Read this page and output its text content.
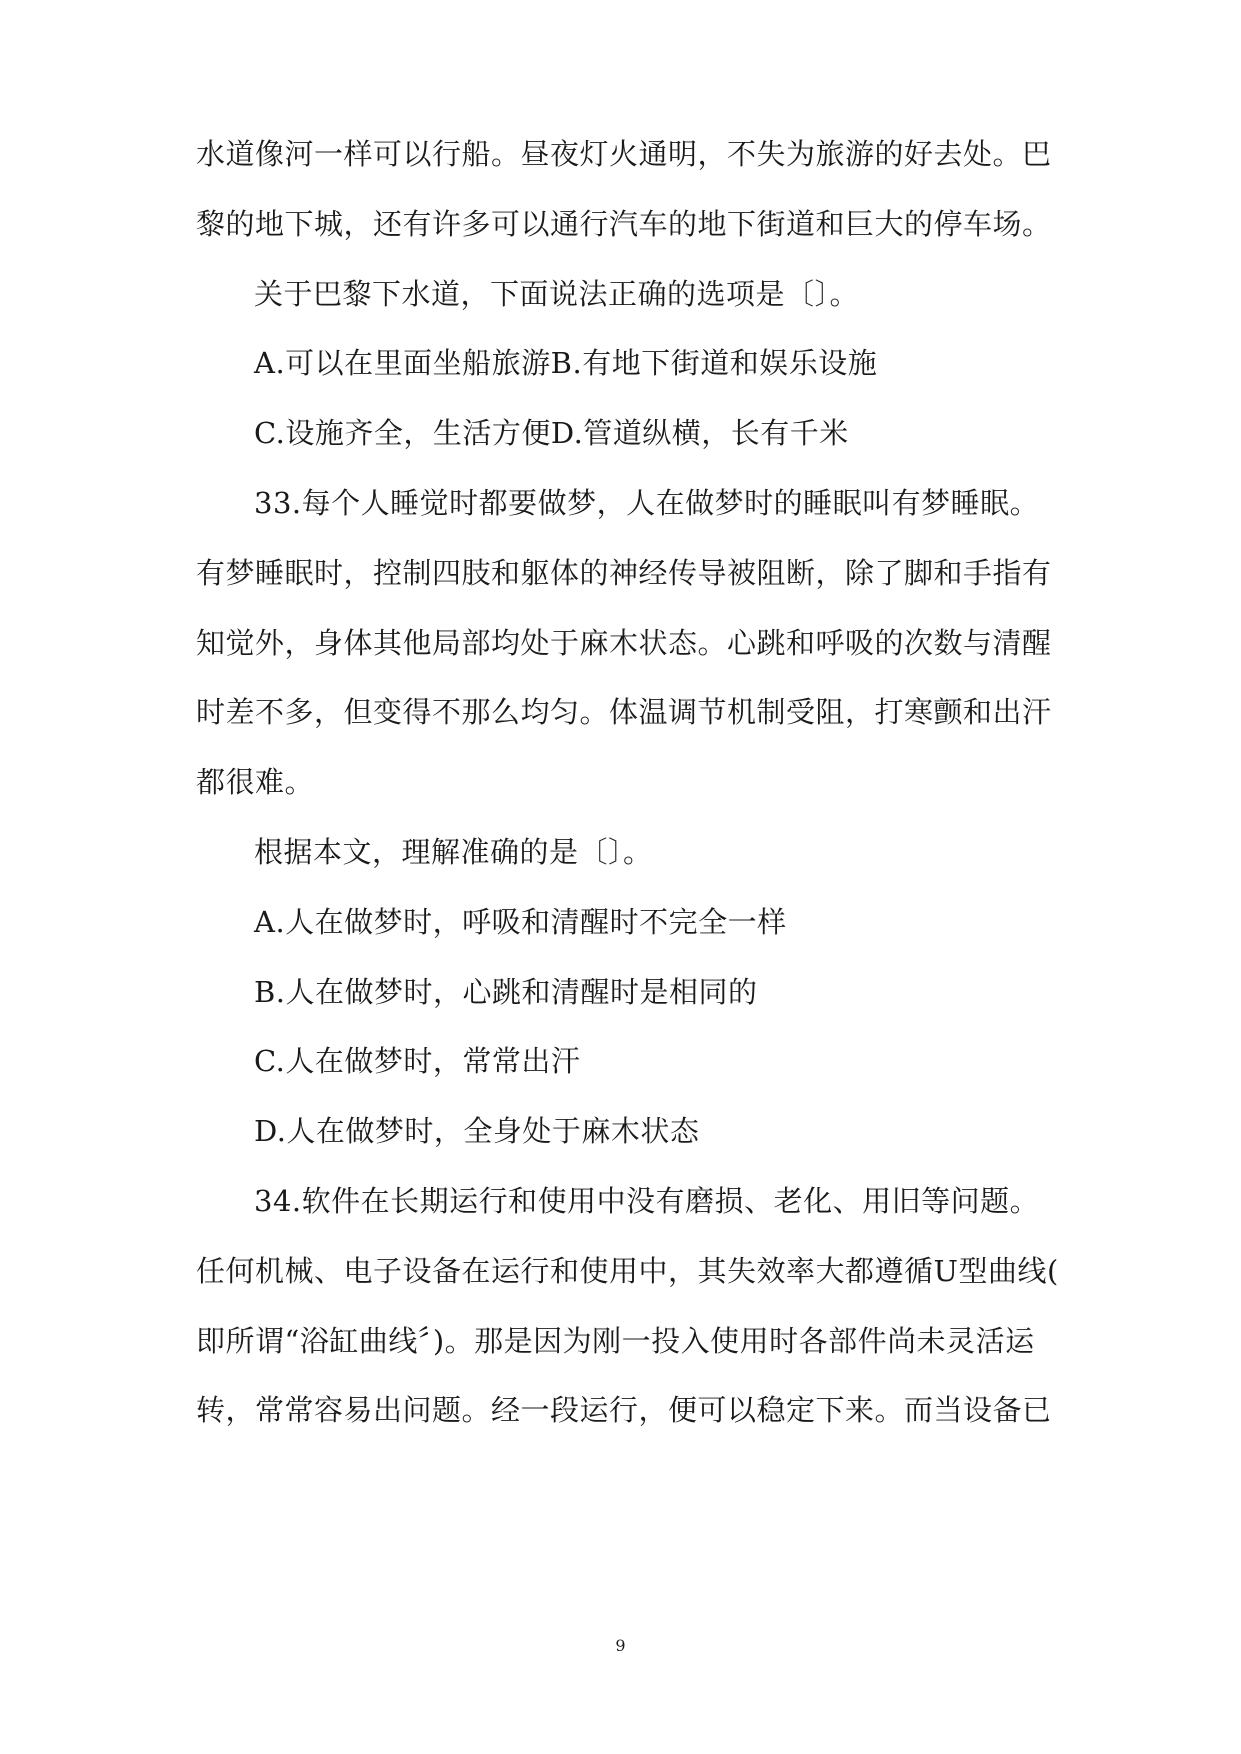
水道像河一样可以行船。昼夜灯火通明，不失为旅游的好去处。巴
黎的地下城，还有许多可以通行汽车的地下街道和巨大的停车场。
关于巴黎下水道，下面说法正确的选项是〔〕。
A.可以在里面坐船旅游B.有地下街道和娱乐设施
C.设施齐全，生活方便D.管道纵横，长有千米
33.每个人睡觉时都要做梦，人在做梦时的睡眠叫有梦睡眠。
有梦睡眠时，控制四肢和躯体的神经传导被阻断，除了脚和手指有
知觉外，身体其他局部均处于麻木状态。心跳和呼吸的次数与清醒
时差不多，但变得不那么均匀。体温调节机制受阻，打寒颤和出汗
都很难。
根据本文，理解准确的是〔〕。
A.人在做梦时，呼吸和清醒时不完全一样
B.人在做梦时，心跳和清醒时是相同的
C.人在做梦时，常常出汗
D.人在做梦时，全身处于麻木状态
34.软件在长期运行和使用中没有磨损、老化、用旧等问题。
任何机械、电子设备在运行和使用中，其失效率大都遵循U型曲线(
即所谓“浴缸曲线〞)。那是因为刚一投入使用时各部件尚未灵活运
转，常常容易出问题。经一段运行，便可以稳定下来。而当设备已
9
